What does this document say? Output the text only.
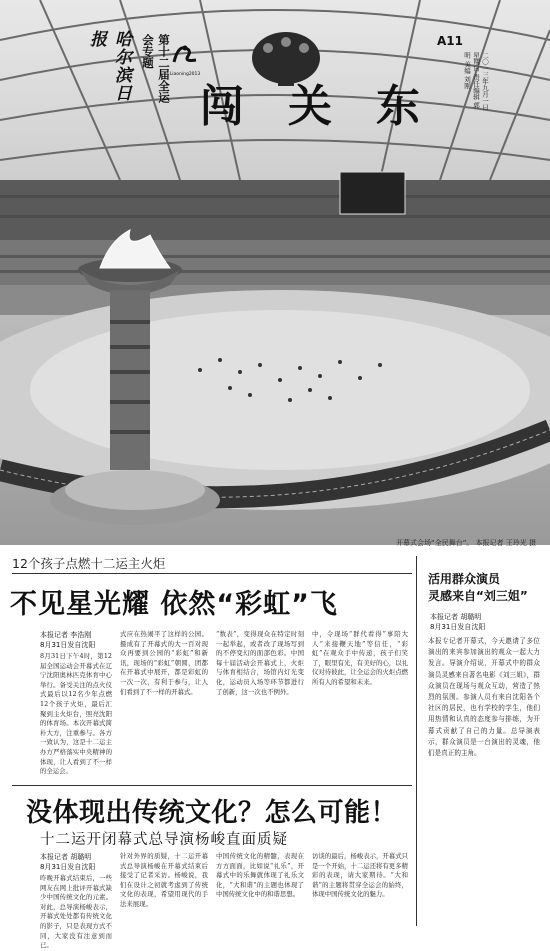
哈尔滨日报	第十二届全运会专题
Liaoning2013
闯关东
A11
二〇一三年九月一日 星期日 责任编辑 郭明 美编 刘刚
开幕式会场“全民舞台”。 本报记者 王玲光 摄
12个孩子点燃十二运主火炬
不见星光耀 依然“彩虹”飞
本报记者 李浩刚
8月31日发自沈阳
8月31日下午4时，第12届全国运动会开幕式在辽宁沈阳奥林匹克体育中心举行。备受关注的点火仪式最后以12名少年点燃12个孩子火炬，最后汇聚到主火炬台，照亮沈阳的体育场。本次开幕式简朴大方，注重参与。各方一致认为，这是十二运主办方严格落实中央精神的体现，让人看到了不一样的全运会。
式应在热闹平了这样的公园。摄成有了开幕式的大一百对现众再要到公园的“彩虹”和新讯，现场的“彩虹”朝圆，团都在开幕式中展开，都是彩虹的一次一次，有利于参与，让人们看到了不一样的开幕式。
“数表”，变得现众在特定时刻一起举起，或者改了现场写到的不停变幻的面部色彩。中国每十届活动会开幕式上，火炬与体育相结合，场馆内灯光变化，运动员入场等环节都进行了创新，这一次也不例外。
中，令现场“群代看得”事陪大人“来接鞭天地”等信任，“彩虹”在观众手中传递，孩子们笑了，眼里有光，有美好的心，以礼仪对待彼此，让全运会的火炬点燃所有人的希望和未来。
活用群众演员
灵感来自“刘三姐”
本报记者 胡璐明
8月31日发自沈阳
本报专记者开幕式，今天邀请了多位演出的来宾参加演出的观众一起大力发言。导演介绍说，开幕式中的群众演员灵感来自著名电影《刘三姐》，群众演员在现场与观众互动，营造了热烈的氛围。参演人员有来自沈阳各个社区的居民，也有学校的学生，他们用热情和认真的态度参与排练，为开幕式贡献了自己的力量。总导演表示，群众演员是一台演出的灵魂，他们是真正的主角。
没体现出传统文化？怎么可能！
十二运开闭幕式总导演杨峻直面质疑
本报记者 胡璐明
8月31日发自沈阳
昨晚开幕式结束后，一些网友在网上批评开幕式缺少中国传统文化的元素。对此，总导演杨峻表示，开幕式处处都有传统文化的影子，只是表现方式不同，大家没有注意到而已。
针对外界的质疑，十二运开幕式总导演杨峻在开幕式结束后接受了记者采访。杨峻说，我们在设计之初就考虑到了传统文化的表现，希望用现代的手法来展现。
中国传统文化的精髓，表现在方方面面，比如说“礼乐”，开幕式中的乐舞就体现了礼乐文化，“大和谐”的主题也体现了中国传统文化中的和谐思想。
访谈的最后，杨峻表示，开幕式只是一个开始，十二运还将有更多精彩的表现，请大家期待。“大和谐”的主题将贯穿全运会的始终，体现中国传统文化的魅力。
